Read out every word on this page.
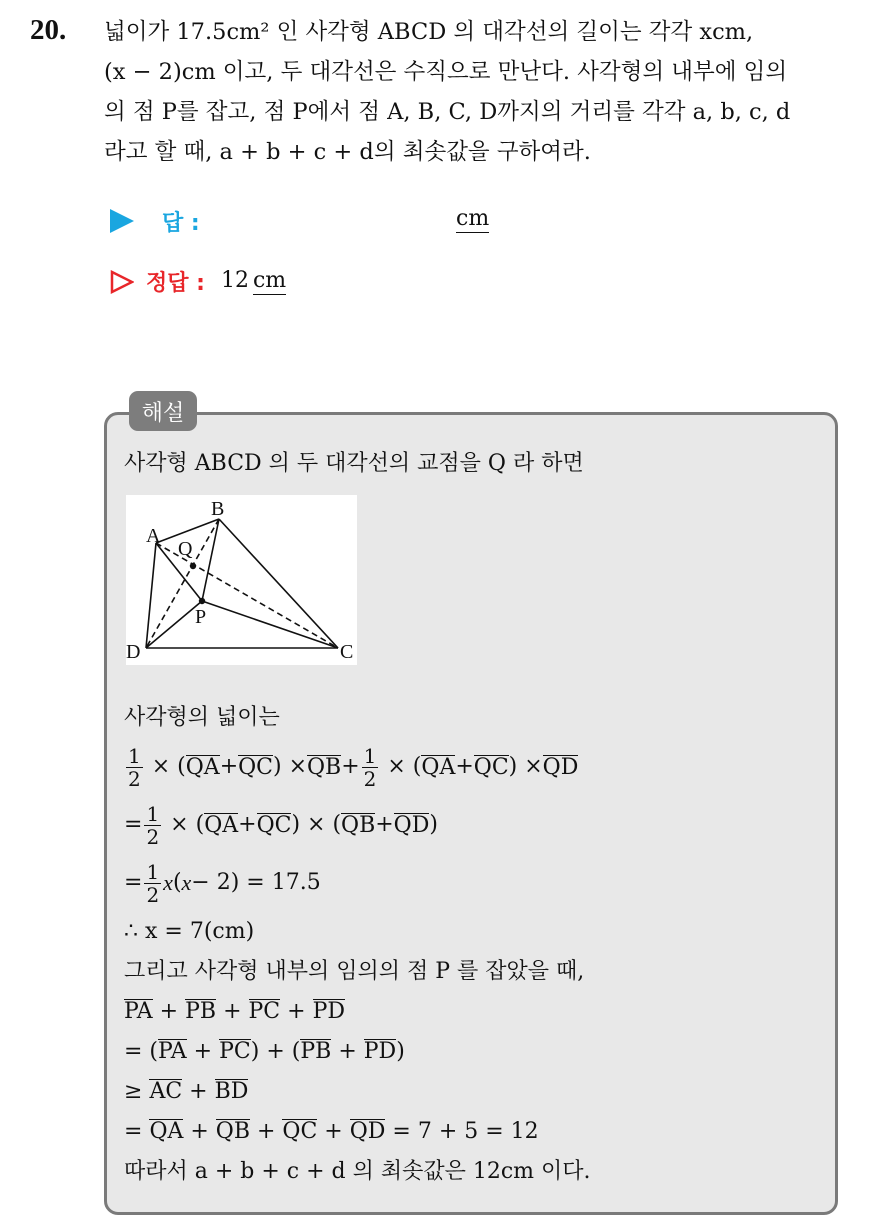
20. 넓이가 17.5cm² 인 사각형 ABCD 의 대각선의 길이는 각각 xcm,
(x − 2)cm 이고, 두 대각선은 수직으로 만난다. 사각형의 내부에 임의
의 점 P를 잡고, 점 P에서 점 A, B, C, D까지의 거리를 각각 a, b, c, d
라고 할 때, a + b + c + d의 최솟값을 구하여라.
답 :	cm
정답 : 12 cm
해설
사각형 ABCD 의 두 대각선의 교점을 Q 라 하면
사각형의 넓이는
$\frac{1}{2}$ × ( QA + QC ) × QB + $\frac{1}{2}$ × ( QA + QC ) × QD
= $\frac{1}{2}$ × ( QA + QC ) × ( QB + QD )
= $\frac{1}{2}$ x ( x − 2) = 17.5
∴ x = 7(cm)
그리고 사각형 내부의 임의의 점 P 를 잡았을 때,
PA + PB + PC + PD
= (PA + PC) + (PB + PD)
≥ AC + BD
= QA + QB + QC + QD = 7 + 5 = 12
따라서 a + b + c + d 의 최솟값은 12cm 이다.
A
B
C
D
P
Q
